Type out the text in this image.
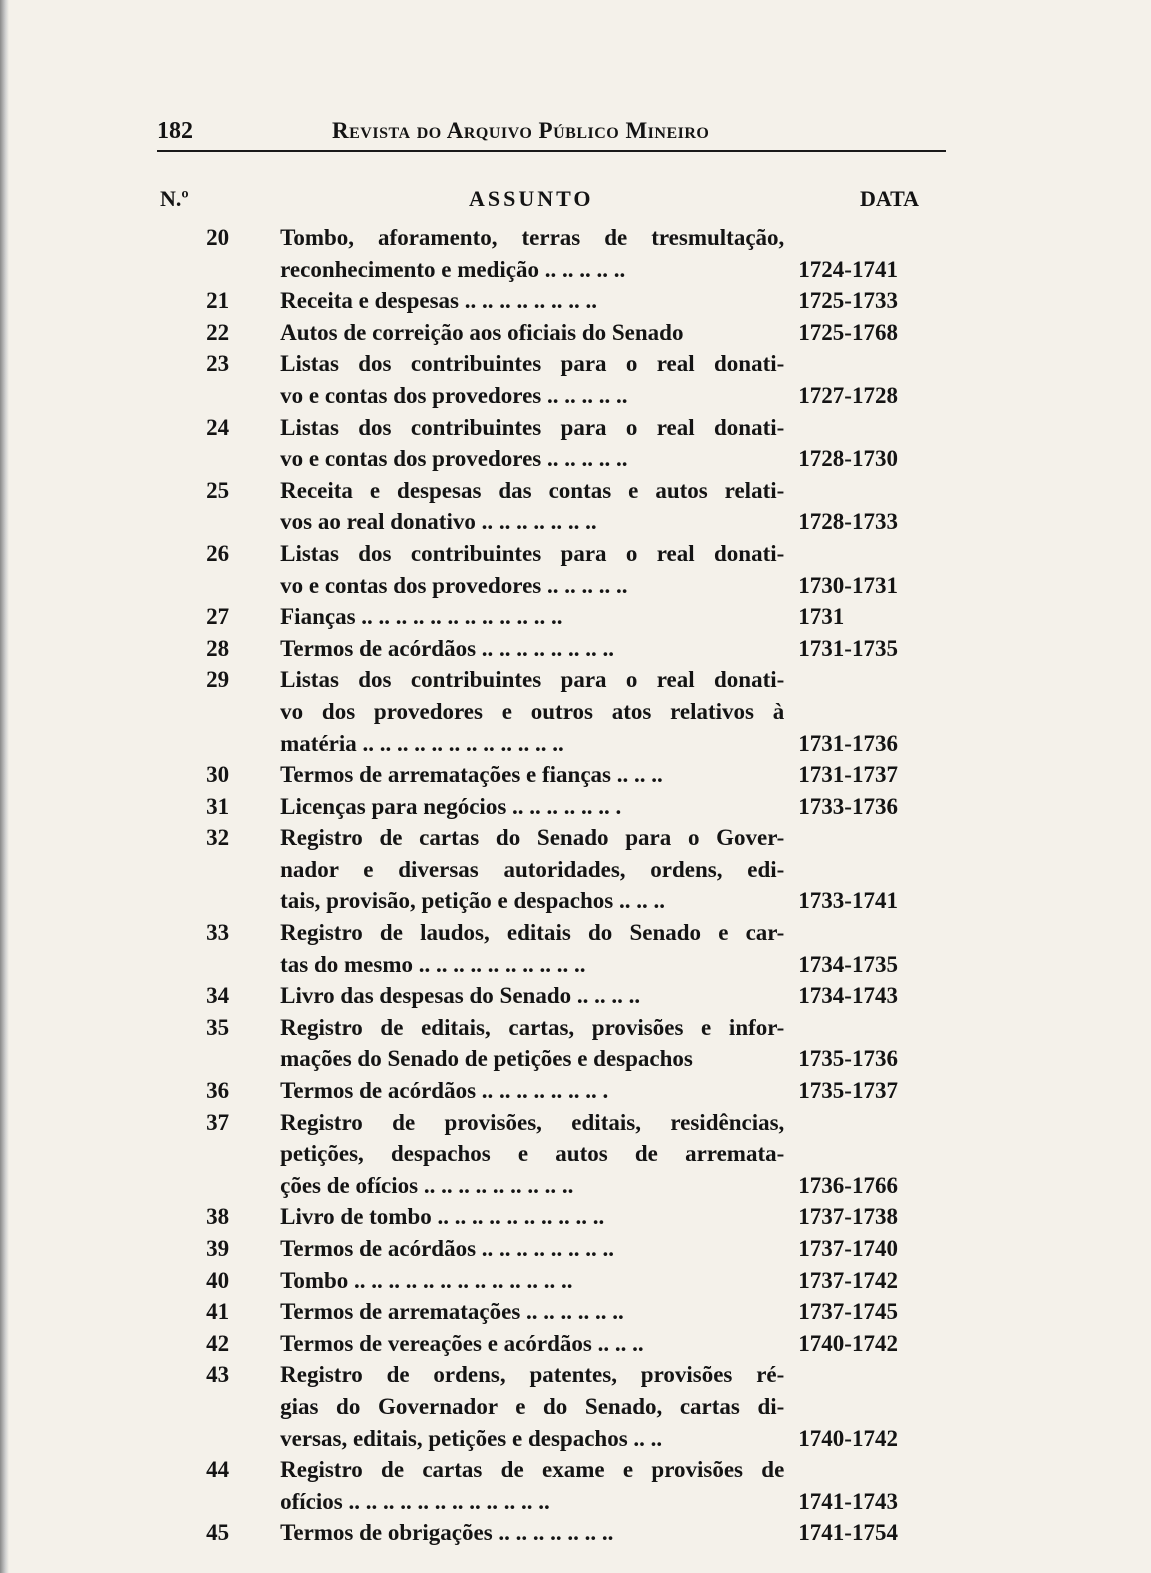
182	Revista do Arquivo Público Mineiro
N.º	ASSUNTO	DATA
20	Tombo, aforamento, terras de tresmultação,
reconhecimento e medição .. .. .. .. ..	1724-1741
21	Receita e despesas .. .. .. .. .. .. .. ..	1725-1733
22	Autos de correição aos oficiais do Senado	1725-1768
23	Listas dos contribuintes para o real donati-
vo e contas dos provedores .. .. .. .. ..	1727-1728
24	Listas dos contribuintes para o real donati-
vo e contas dos provedores .. .. .. .. ..	1728-1730
25	Receita e despesas das contas e autos relati-
vos ao real donativo .. .. .. .. .. .. ..	1728-1733
26	Listas dos contribuintes para o real donati-
vo e contas dos provedores .. .. .. .. ..	1730-1731
27	Fianças .. .. .. .. .. .. .. .. .. .. .. ..	1731
28	Termos de acórdãos .. .. .. .. .. .. .. ..	1731-1735
29	Listas dos contribuintes para o real donati-
vo dos provedores e outros atos relativos à
matéria .. .. .. .. .. .. .. .. .. .. .. ..	1731-1736
30	Termos de arrematações e fianças .. .. ..	1731-1737
31	Licenças para negócios .. .. .. .. .. .. .	1733-1736
32	Registro de cartas do Senado para o Gover-
nador e diversas autoridades, ordens, edi-
tais, provisão, petição e despachos .. .. ..	1733-1741
33	Registro de laudos, editais do Senado e car-
tas do mesmo .. .. .. .. .. .. .. .. .. ..	1734-1735
34	Livro das despesas do Senado .. .. .. ..	1734-1743
35	Registro de editais, cartas, provisões e infor-
mações do Senado de petições e despachos	1735-1736
36	Termos de acórdãos .. .. .. .. .. .. .. .	1735-1737
37	Registro de provisões, editais, residências,
petições, despachos e autos de arremata-
ções de ofícios .. .. .. .. .. .. .. .. ..	1736-1766
38	Livro de tombo .. .. .. .. .. .. .. .. .. ..	1737-1738
39	Termos de acórdãos .. .. .. .. .. .. .. ..	1737-1740
40	Tombo .. .. .. .. .. .. .. .. .. .. .. .. ..	1737-1742
41	Termos de arrematações .. .. .. .. .. ..	1737-1745
42	Termos de vereações e acórdãos .. .. ..	1740-1742
43	Registro de ordens, patentes, provisões ré-
gias do Governador e do Senado, cartas di-
versas, editais, petições e despachos .. ..	1740-1742
44	Registro de cartas de exame e provisões de
ofícios .. .. .. .. .. .. .. .. .. .. .. ..	1741-1743
45	Termos de obrigações .. .. .. .. .. .. ..	1741-1754
